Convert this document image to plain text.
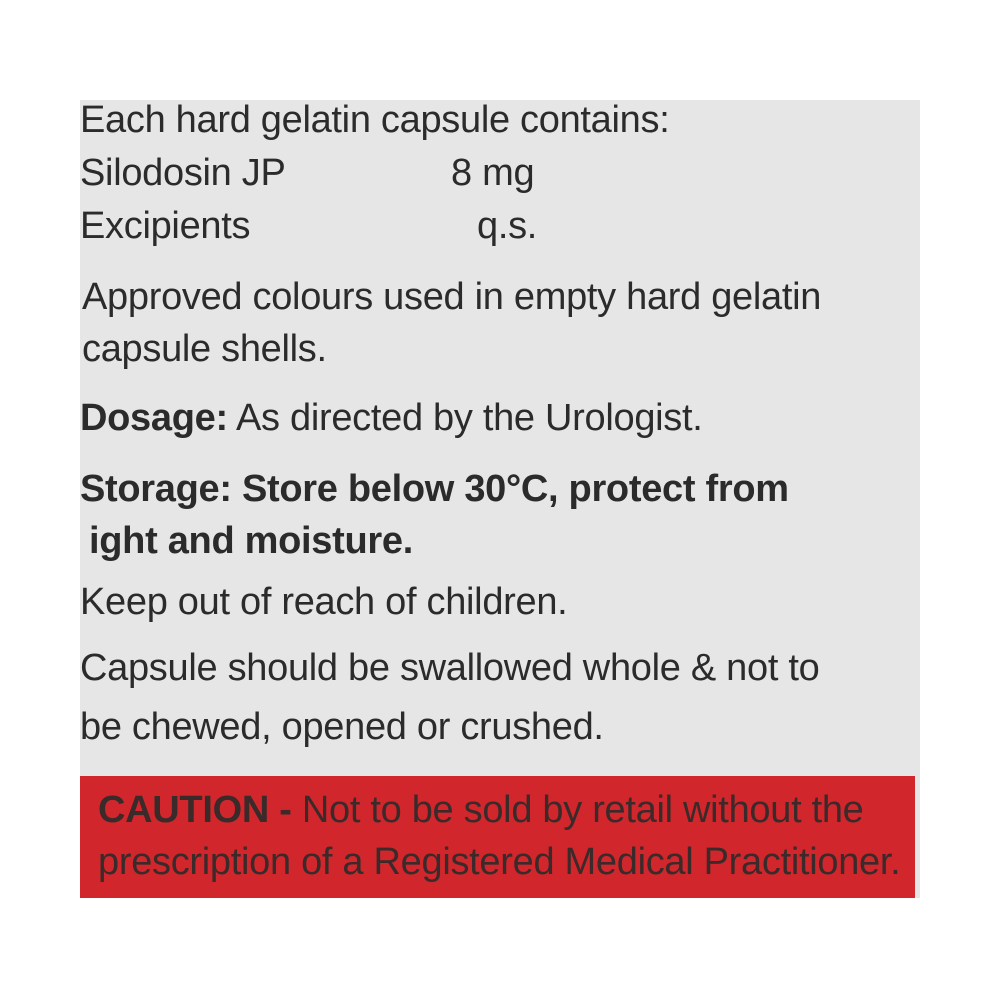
Each hard gelatin capsule contains:
Silodosin JP	8 mg
Excipients	q.s.
Approved colours used in empty hard gelatin
capsule shells.
Dosage: As directed by the Urologist.
Storage: Store below 30°C, protect from
ight and moisture.
Keep out of reach of children.
Capsule should be swallowed whole & not to
be chewed, opened or crushed.
CAUTION - Not to be sold by retail without the
prescription of a Registered Medical Practitioner.
